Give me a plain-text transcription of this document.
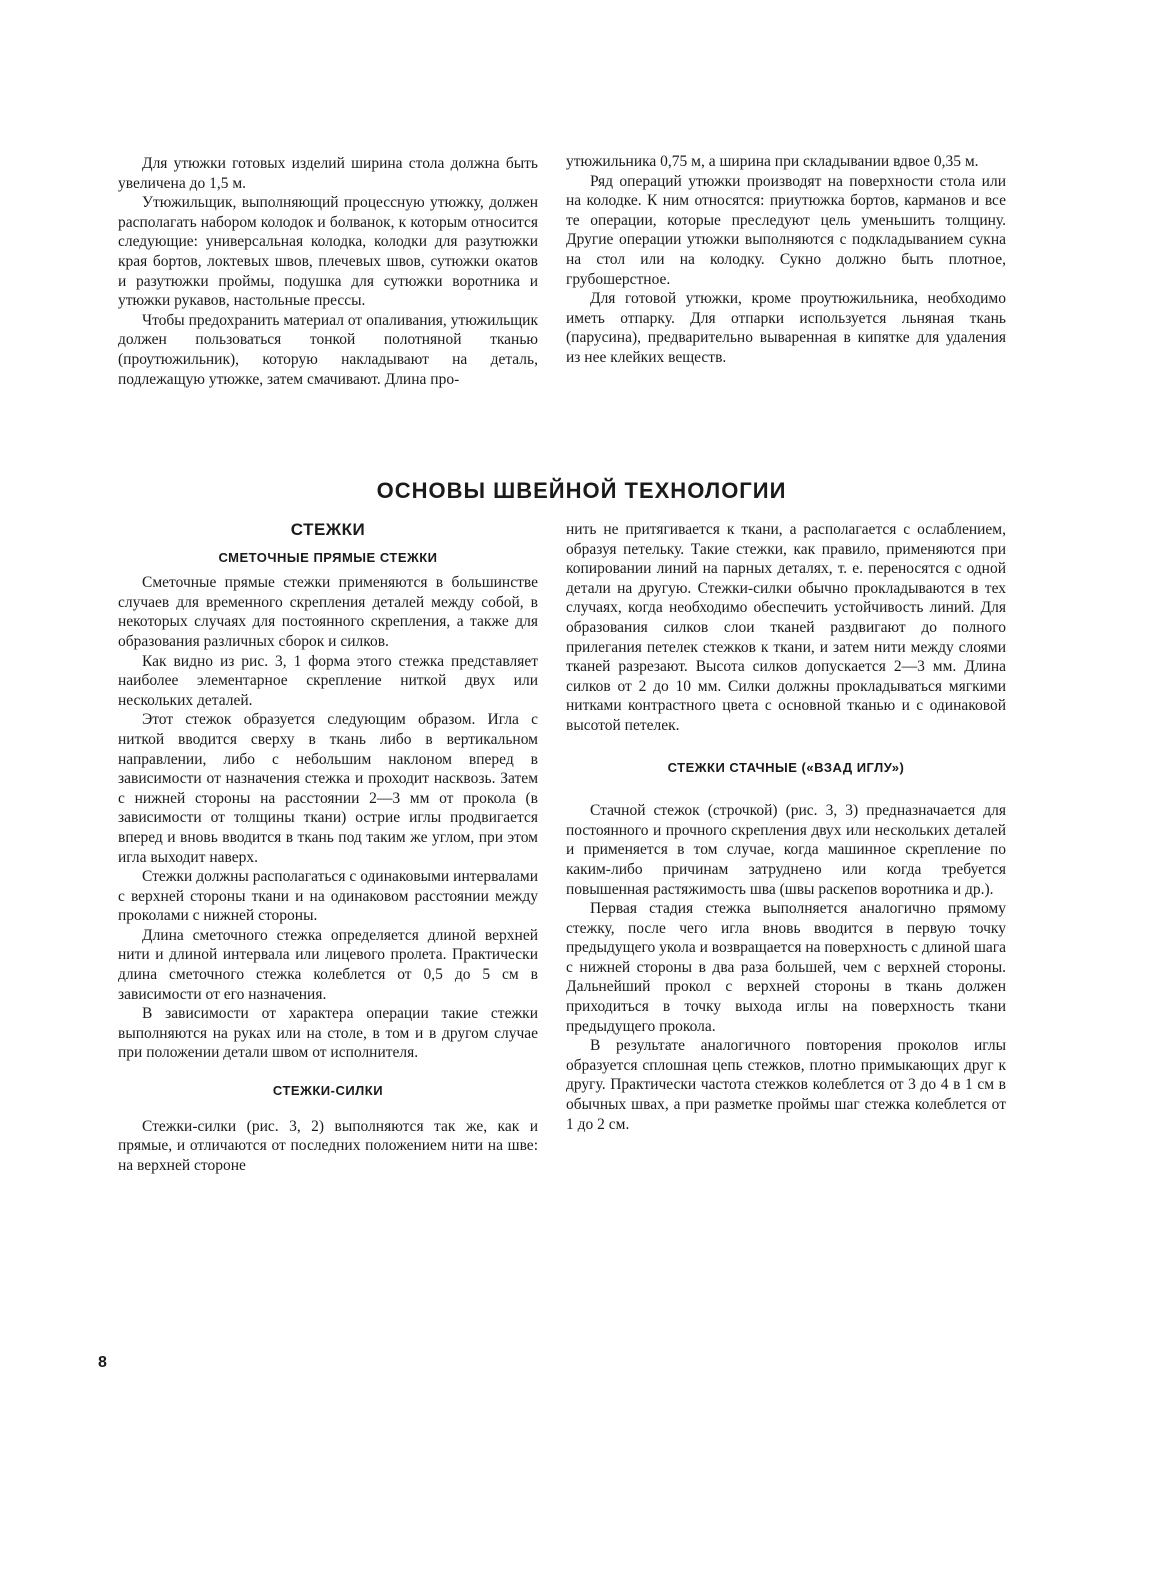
Для утюжки готовых изделий ширина стола должна быть увеличена до 1,5 м.

Утюжильщик, выполняющий процессную утюжку, должен располагать набором колодок и болванок, к которым относится следующие: универсальная колодка, колодки для разутюжки края бортов, локтевых швов, плечевых швов, сутюжки окатов и разутюжки проймы, подушка для сутюжки воротника и утюжки рукавов, настольные прессы.

Чтобы предохранить материал от опаливания, утюжильщик должен пользоваться тонкой полотняной тканью (проутюжильник), которую накладывают на деталь, подлежащую утюжке, затем смачивают. Длина про-

утюжильника 0,75 м, а ширина при складывании вдвое 0,35 м.

Ряд операций утюжки производят на поверхности стола или на колодке. К ним относятся: приутюжка бортов, карманов и все те операции, которые преследуют цель уменьшить толщину. Другие операции утюжки выполняются с подкладыванием сукна на стол или на колодку. Сукно должно быть плотное, грубошерстное.

Для готовой утюжки, кроме проутюжильника, необходимо иметь отпарку. Для отпарки используется льняная ткань (парусина), предварительно вываренная в кипятке для удаления из нее клейких веществ.

ОСНОВЫ ШВЕЙНОЙ ТЕХНОЛОГИИ
СТЕЖКИ
СМЕТОЧНЫЕ ПРЯМЫЕ СТЕЖКИ

Сметочные прямые стежки применяются в большинстве случаев для временного скрепления деталей между собой, в некоторых случаях для постоянного скрепления, а также для образования различных сборок и силков.

Как видно из рис. 3, 1 форма этого стежка представляет наиболее элементарное скрепление ниткой двух или нескольких деталей.

Этот стежок образуется следующим образом. Игла с ниткой вводится сверху в ткань либо в вертикальном направлении, либо с небольшим наклоном вперед в зависимости от назначения стежка и проходит насквозь. Затем с нижней стороны на расстоянии 2—3 мм от прокола (в зависимости от толщины ткани) острие иглы продвигается вперед и вновь вводится в ткань под таким же углом, при этом игла выходит наверх.

Стежки должны располагаться с одинаковыми интервалами с верхней стороны ткани и на одинаковом расстоянии между проколами с нижней стороны.

Длина сметочного стежка определяется длиной верхней нити и длиной интервала или лицевого пролета. Практически длина сметочного стежка колеблется от 0,5 до 5 см в зависимости от его назначения.

В зависимости от характера операции такие стежки выполняются на руках или на столе, в том и в другом случае при положении детали швом от исполнителя.

СТЕЖКИ-СИЛКИ

Стежки-силки (рис. 3, 2) выполняются так же, как и прямые, и отличаются от последних положением нити на шве: на верхней стороне

нить не притягивается к ткани, а располагается с ослаблением, образуя петельку. Такие стежки, как правило, применяются при копировании линий на парных деталях, т. е. переносятся с одной детали на другую. Стежки-силки обычно прокладываются в тех случаях, когда необходимо обеспечить устойчивость линий. Для образования силков слои тканей раздвигают до полного прилегания петелек стежков к ткани, и затем нити между слоями тканей разрезают. Высота силков допускается 2—3 мм. Длина силков от 2 до 10 мм. Силки должны прокладываться мягкими нитками контрастного цвета с основной тканью и с одинаковой высотой петелек.

СТЕЖКИ СТАЧНЫЕ («ВЗАД ИГЛУ»)

Стачной стежок (строчкой) (рис. 3, 3) предназначается для постоянного и прочного скрепления двух или нескольких деталей и применяется в том случае, когда машинное скрепление по каким-либо причинам затруднено или когда требуется повышенная растяжимость шва (швы раскепов воротника и др.).

Первая стадия стежка выполняется аналогично прямому стежку, после чего игла вновь вводится в первую точку предыдущего укола и возвращается на поверхность с длиной шага с нижней стороны в два раза большей, чем с верхней стороны. Дальнейший прокол с верхней стороны в ткань должен приходиться в точку выхода иглы на поверхность ткани предыдущего прокола.

В результате аналогичного повторения проколов иглы образуется сплошная цепь стежков, плотно примыкающих друг к другу. Практически частота стежков колеблется от 3 до 4 в 1 см в обычных швах, а при разметке проймы шаг стежка колеблется от 1 до 2 см.

8
